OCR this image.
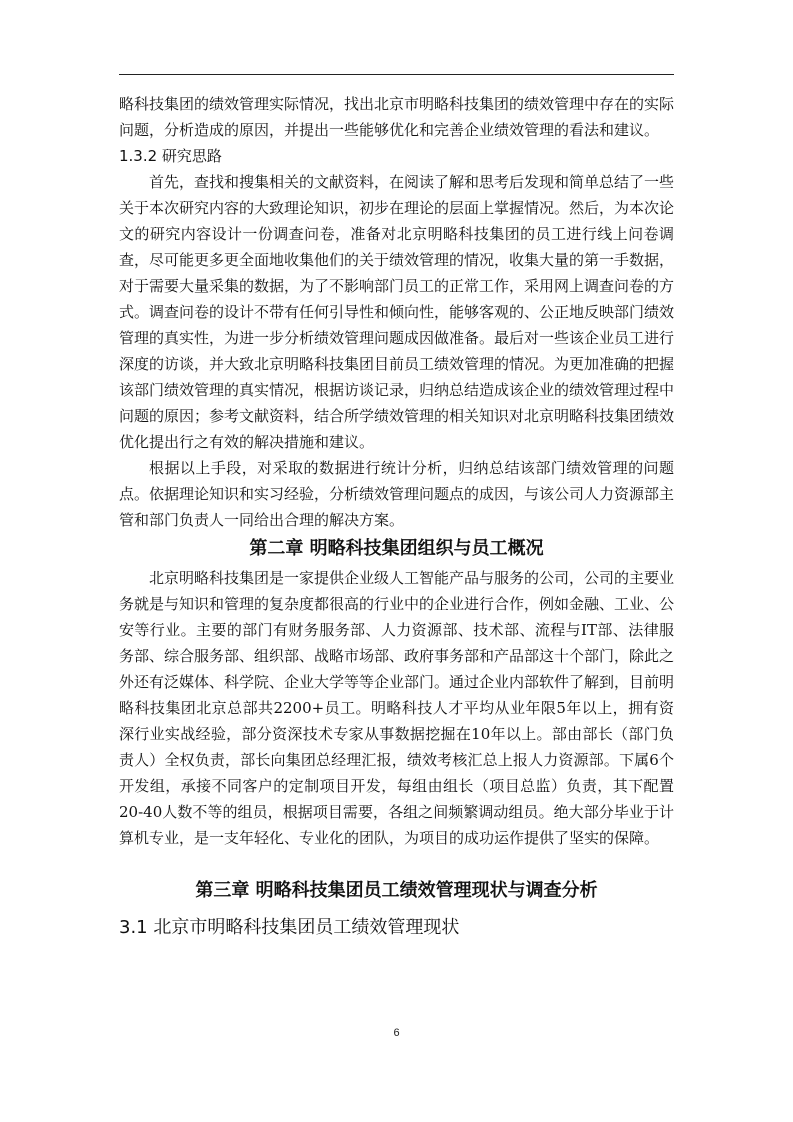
略科技集团的绩效管理实际情况，找出北京市明略科技集团的绩效管理中存在的实际问题，分析造成的原因，并提出一些能够优化和完善企业绩效管理的看法和建议。

1.3.2 研究思路

首先，查找和搜集相关的文献资料，在阅读了解和思考后发现和简单总结了一些关于本次研究内容的大致理论知识，初步在理论的层面上掌握情况。然后，为本次论文的研究内容设计一份调查问卷，准备对北京明略科技集团的员工进行线上问卷调查，尽可能更多更全面地收集他们的关于绩效管理的情况，收集大量的第一手数据，对于需要大量采集的数据，为了不影响部门员工的正常工作，采用网上调查问卷的方式。调查问卷的设计不带有任何引导性和倾向性，能够客观的、公正地反映部门绩效管理的真实性，为进一步分析绩效管理问题成因做准备。最后对一些该企业员工进行深度的访谈，并大致北京明略科技集团目前员工绩效管理的情况。为更加准确的把握该部门绩效管理的真实情况，根据访谈记录，归纳总结造成该企业的绩效管理过程中问题的原因；参考文献资料，结合所学绩效管理的相关知识对北京明略科技集团绩效优化提出行之有效的解决措施和建议。

根据以上手段，对采取的数据进行统计分析，归纳总结该部门绩效管理的问题点。依据理论知识和实习经验，分析绩效管理问题点的成因，与该公司人力资源部主管和部门负责人一同给出合理的解决方案。

第二章 明略科技集团组织与员工概况

北京明略科技集团是一家提供企业级人工智能产品与服务的公司，公司的主要业务就是与知识和管理的复杂度都很高的行业中的企业进行合作，例如金融、工业、公安等行业。主要的部门有财务服务部、人力资源部、技术部、流程与IT部、法律服务部、综合服务部、组织部、战略市场部、政府事务部和产品部这十个部门，除此之外还有泛媒体、科学院、企业大学等等企业部门。通过企业内部软件了解到，目前明略科技集团北京总部共2200+员工。明略科技人才平均从业年限5年以上，拥有资深行业实战经验，部分资深技术专家从事数据挖掘在10年以上。部由部长（部门负责人）全权负责，部长向集团总经理汇报，绩效考核汇总上报人力资源部。下属6个开发组，承接不同客户的定制项目开发，每组由组长（项目总监）负责，其下配置20-40人数不等的组员，根据项目需要，各组之间频繁调动组员。绝大部分毕业于计算机专业，是一支年轻化、专业化的团队，为项目的成功运作提供了坚实的保障。

第三章 明略科技集团员工绩效管理现状与调查分析
3.1 北京市明略科技集团员工绩效管理现状
6
